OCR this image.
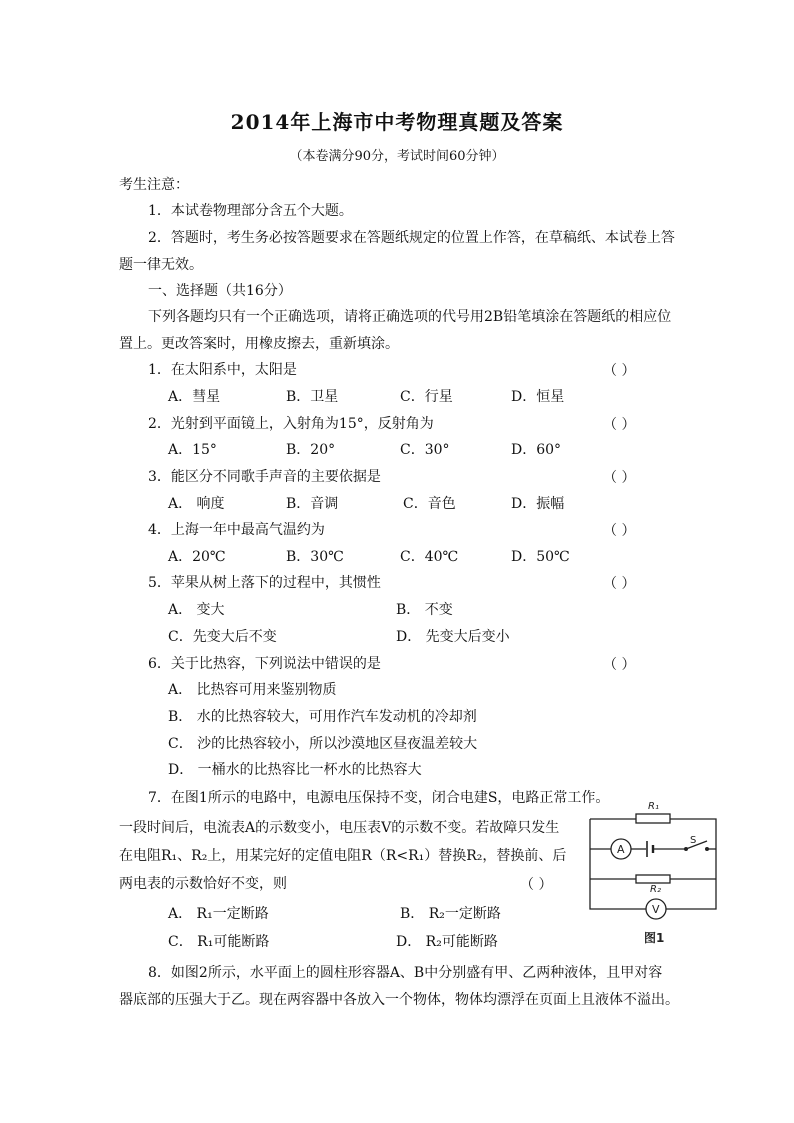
2014年上海市中考物理真题及答案
（本卷满分90分，考试时间60分钟）
考生注意：
1．本试卷物理部分含五个大题。
2．答题时，考生务必按答题要求在答题纸规定的位置上作答，在草稿纸、本试卷上答
题一律无效。
一、选择题（共16分）
下列各题均只有一个正确选项，请将正确选项的代号用2B铅笔填涂在答题纸的相应位
置上。更改答案时，用橡皮擦去，重新填涂。
1．在太阳系中，太阳是	（ ）
A．彗星	B．卫星	C．行星	D．恒星
2．光射到平面镜上，入射角为15°，反射角为	（ ）
A．15°	B．20°	C．30°	D．60°
3．能区分不同歌手声音的主要依据是	（ ）
A． 响度	B．音调	C．音色	D．振幅
4．上海一年中最高气温约为	（ ）
A．20℃	B．30℃	C．40℃	D．50℃
5．苹果从树上落下的过程中，其惯性	（ ）
A． 变大	B． 不变
C．先变大后不变	D． 先变大后变小
6．关于比热容，下列说法中错误的是	（ ）
A． 比热容可用来鉴别物质
B． 水的比热容较大，可用作汽车发动机的冷却剂
C． 沙的比热容较小，所以沙漠地区昼夜温差较大
D． 一桶水的比热容比一杯水的比热容大
7．在图1所示的电路中，电源电压保持不变，闭合电建S，电路正常工作。
一段时间后，电流表A的示数变小，电压表V的示数不变。若故障只发生
在电阻R₁、R₂上，用某完好的定值电阻R（R<R₁）替换R₂，替换前、后
两电表的示数恰好不变，则	（ ）
A． R₁一定断路	B． R₂一定断路
C． R₁可能断路	D． R₂可能断路
R₁
S
A
R₂
V
图1
8．如图2所示，水平面上的圆柱形容器A、B中分别盛有甲、乙两种液体，且甲对容
器底部的压强大于乙。现在两容器中各放入一个物体，物体均漂浮在页面上且液体不溢出。
